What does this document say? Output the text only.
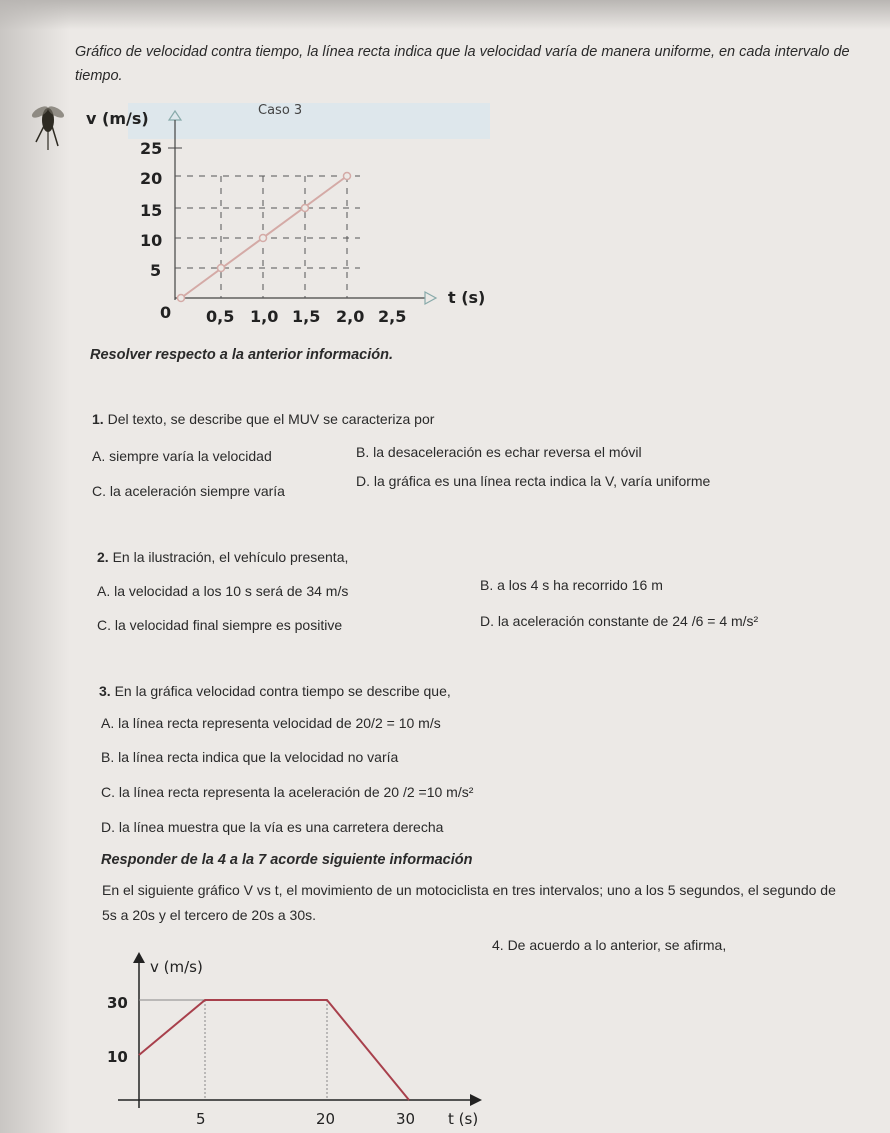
Gráfico de velocidad contra tiempo, la línea recta indica que la velocidad varía de manera uniforme, en cada intervalo de tiempo.
Caso 3
v (m/s)
t (s)
25
20
15
10
5
0 0,5 1,0 1,5 2,0 2,5
Resolver respecto a la anterior información.
1. Del texto, se describe que el MUV se caracteriza por
A. siempre varía la velocidad	B. la desaceleración es echar reversa el móvil
C. la aceleración siempre varía
D. la gráfica es una línea recta indica la V, varía uniforme
2. En la ilustración, el vehículo presenta,
A. la velocidad a los 10 s será de 34 m/s	B. a los 4 s ha recorrido 16 m
C. la velocidad final siempre es positive	D. la aceleración constante de 24 /6 = 4 m/s²
3. En la gráfica velocidad contra tiempo se describe que,
A. la línea recta representa velocidad de 20/2 = 10 m/s
B. la línea recta indica que la velocidad no varía
C. la línea recta representa la aceleración de 20 /2 =10 m/s²
D. la línea muestra que la vía es una carretera derecha
Responder de la 4 a la 7 acorde siguiente información
En el siguiente gráfico V vs t, el movimiento de un motociclista en tres intervalos; uno a los 5 segundos, el segundo de 5s a 20s y el tercero de 20s a 30s.
4. De acuerdo a lo anterior, se afirma,
v (m/s)
30
10
5	20	30 t (s)
